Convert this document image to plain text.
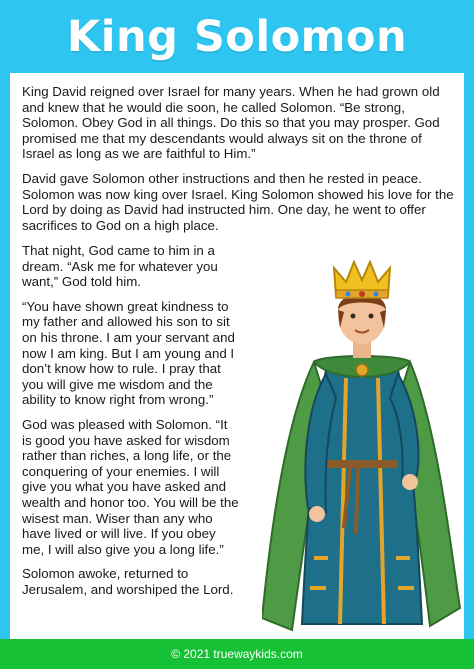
King Solomon

King David reigned over Israel for many years. When he had grown old and knew that he would die soon, he called Solomon. “Be strong, Solomon. Obey God in all things. Do this so that you may prosper. God promised me that my descendants would always sit on the throne of Israel as long as we are faithful to Him.”

David gave Solomon other instructions and then he rested in peace. Solomon was now king over Israel. King Solomon showed his love for the Lord by doing as David had instructed him. One day, he went to offer sacrifices to God on a high place.

That night, God came to him in a dream. “Ask me for whatever you want,” God told him.

“You have shown great kindness to my father and allowed his son to sit on his throne. I am your servant and now I am king. But I am young and I don’t know how to rule. I pray that you will give me wisdom and the ability to know right from wrong.”

God was pleased with Solomon. “It is good you have asked for wisdom rather than riches, a long life, or the conquering of your enemies. I will give you what you have asked and wealth and honor too. You will be the wisest man. Wiser than any who have lived or will live. If you obey me, I will also give you a long life.”

Solomon awoke, returned to Jerusalem, and worshiped the Lord.

© 2021 truewaykids.com
